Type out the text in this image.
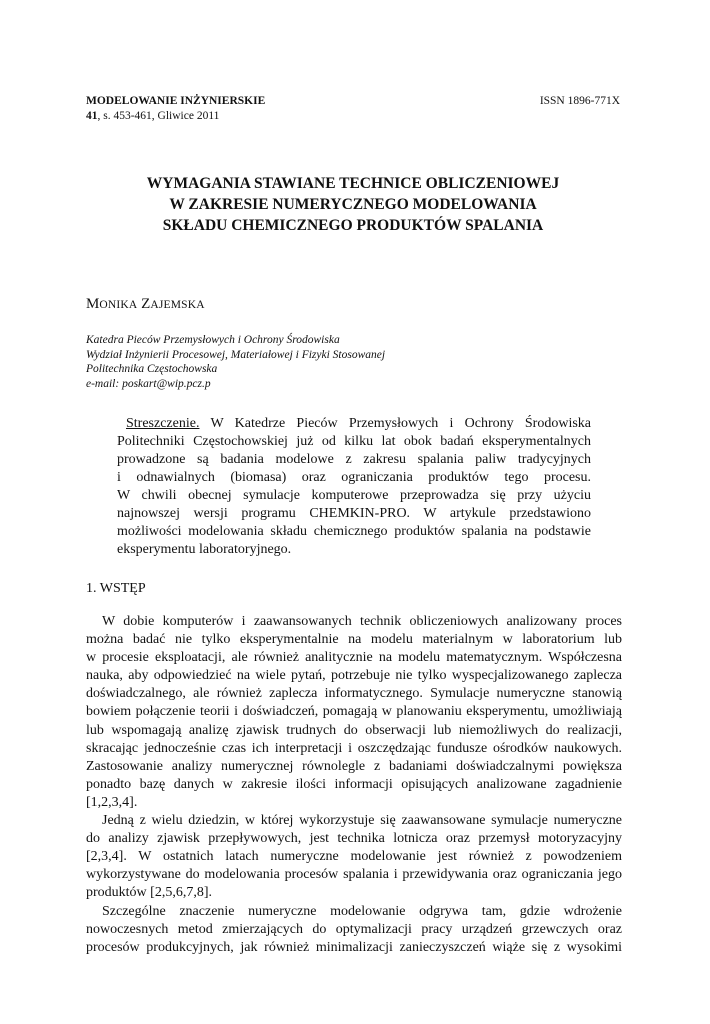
MODELOWANIE INŻYNIERSKIE	ISSN 1896-771X
41, s. 453-461, Gliwice 2011
WYMAGANIA STAWIANE TECHNICE OBLICZENIOWEJ
W ZAKRESIE NUMERYCZNEGO MODELOWANIA
SKŁADU CHEMICZNEGO PRODUKTÓW SPALANIA
MONIKA ZAJEMSKA
Katedra Pieców Przemysłowych i Ochrony Środowiska
Wydział Inżynierii Procesowej, Materiałowej i Fizyki Stosowanej
Politechnika Częstochowska
e-mail: poskart@wip.pcz.p
Streszczenie. W Katedrze Pieców Przemysłowych i Ochrony Środowiska
Politechniki Częstochowskiej już od kilku lat obok badań eksperymentalnych
prowadzone są badania modelowe z zakresu spalania paliw tradycyjnych
i odnawialnych (biomasa) oraz ograniczania produktów tego procesu.
W chwili obecnej symulacje komputerowe przeprowadza się przy użyciu
najnowszej wersji programu CHEMKIN-PRO. W artykule przedstawiono
możliwości modelowania składu chemicznego produktów spalania na podstawie
eksperymentu laboratoryjnego.
1. WSTĘP
W dobie komputerów i zaawansowanych technik obliczeniowych analizowany proces
można badać nie tylko eksperymentalnie na modelu materialnym w laboratorium lub
w procesie eksploatacji, ale również analitycznie na modelu matematycznym. Współczesna
nauka, aby odpowiedzieć na wiele pytań, potrzebuje nie tylko wyspecjalizowanego zaplecza
doświadczalnego, ale również zaplecza informatycznego. Symulacje numeryczne stanowią
bowiem połączenie teorii i doświadczeń, pomagają w planowaniu eksperymentu, umożliwiają
lub wspomagają analizę zjawisk trudnych do obserwacji lub niemożliwych do realizacji,
skracając jednocześnie czas ich interpretacji i oszczędzając fundusze ośrodków naukowych.
Zastosowanie analizy numerycznej równolegle z badaniami doświadczalnymi powiększa
ponadto bazę danych w zakresie ilości informacji opisujących analizowane zagadnienie
[1,2,3,4].
Jedną z wielu dziedzin, w której wykorzystuje się zaawansowane symulacje numeryczne
do analizy zjawisk przepływowych, jest technika lotnicza oraz przemysł motoryzacyjny
[2,3,4]. W ostatnich latach numeryczne modelowanie jest również z powodzeniem
wykorzystywane do modelowania procesów spalania i przewidywania oraz ograniczania jego
produktów [2,5,6,7,8].
Szczególne znaczenie numeryczne modelowanie odgrywa tam, gdzie wdrożenie
nowoczesnych metod zmierzających do optymalizacji pracy urządzeń grzewczych oraz
procesów produkcyjnych, jak również minimalizacji zanieczyszczeń wiąże się z wysokimi
